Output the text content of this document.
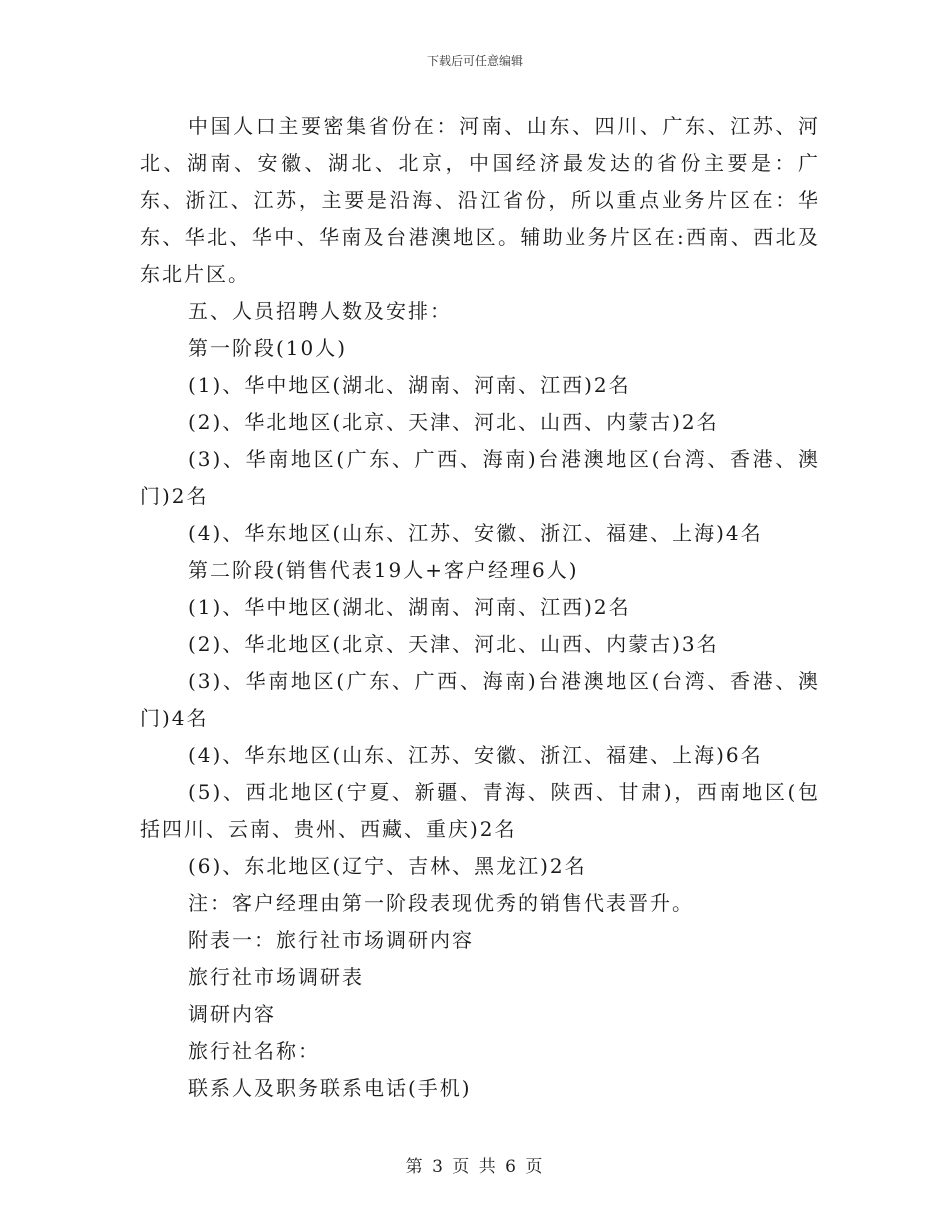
下载后可任意编辑

中国人口主要密集省份在：河南、山东、四川、广东、江苏、河北、湖南、安徽、湖北、北京，中国经济最发达的省份主要是：广东、浙江、江苏，主要是沿海、沿江省份，所以重点业务片区在：华东、华北、华中、华南及台港澳地区。辅助业务片区在:西南、西北及东北片区。

五、人员招聘人数及安排：

第一阶段(10人)

(1)、华中地区(湖北、湖南、河南、江西)2名

(2)、华北地区(北京、天津、河北、山西、内蒙古)2名

(3)、华南地区(广东、广西、海南)台港澳地区(台湾、香港、澳门)2名

(4)、华东地区(山东、江苏、安徽、浙江、福建、上海)4名

第二阶段(销售代表19人+客户经理6人)

(1)、华中地区(湖北、湖南、河南、江西)2名

(2)、华北地区(北京、天津、河北、山西、内蒙古)3名

(3)、华南地区(广东、广西、海南)台港澳地区(台湾、香港、澳门)4名

(4)、华东地区(山东、江苏、安徽、浙江、福建、上海)6名

(5)、西北地区(宁夏、新疆、青海、陕西、甘肃)，西南地区(包括四川、云南、贵州、西藏、重庆)2名

(6)、东北地区(辽宁、吉林、黑龙江)2名

注：客户经理由第一阶段表现优秀的销售代表晋升。

附表一：旅行社市场调研内容

旅行社市场调研表

调研内容

旅行社名称：

联系人及职务联系电话(手机)

第 3 页 共 6 页
